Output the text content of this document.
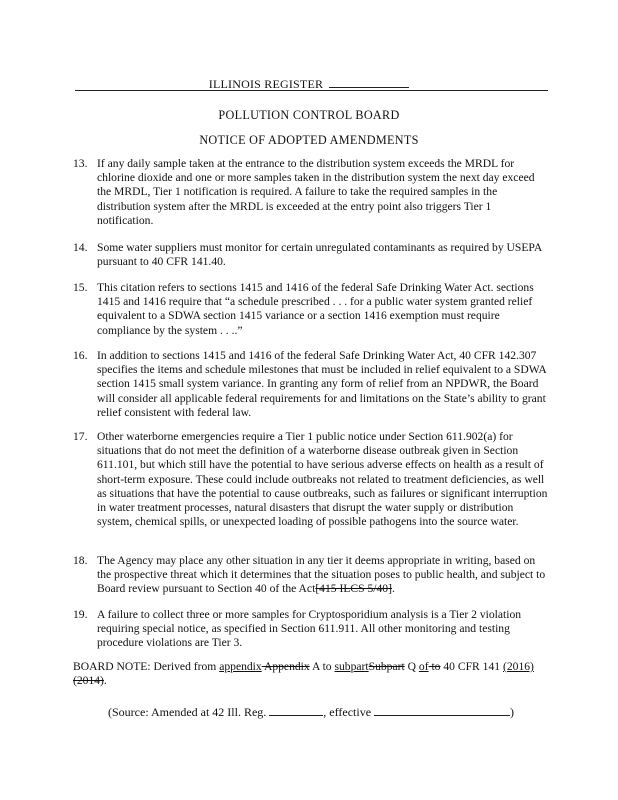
ILLINOIS REGISTER
POLLUTION CONTROL BOARD
NOTICE OF ADOPTED AMENDMENTS
13. If any daily sample taken at the entrance to the distribution system exceeds the MRDL for chlorine dioxide and one or more samples taken in the distribution system the next day exceed the MRDL, Tier 1 notification is required. A failure to take the required samples in the distribution system after the MRDL is exceeded at the entry point also triggers Tier 1 notification.
14. Some water suppliers must monitor for certain unregulated contaminants as required by USEPA pursuant to 40 CFR 141.40.
15. This citation refers to sections 1415 and 1416 of the federal Safe Drinking Water Act. sections 1415 and 1416 require that “a schedule prescribed . . . for a public water system granted relief equivalent to a SDWA section 1415 variance or a section 1416 exemption must require compliance by the system . . ..”
16. In addition to sections 1415 and 1416 of the federal Safe Drinking Water Act, 40 CFR 142.307 specifies the items and schedule milestones that must be included in relief equivalent to a SDWA section 1415 small system variance. In granting any form of relief from an NPDWR, the Board will consider all applicable federal requirements for and limitations on the State’s ability to grant relief consistent with federal law.
17. Other waterborne emergencies require a Tier 1 public notice under Section 611.902(a) for situations that do not meet the definition of a waterborne disease outbreak given in Section 611.101, but which still have the potential to have serious adverse effects on health as a result of short-term exposure. These could include outbreaks not related to treatment deficiencies, as well as situations that have the potential to cause outbreaks, such as failures or significant interruption in water treatment processes, natural disasters that disrupt the water supply or distribution system, chemical spills, or unexpected loading of possible pathogens into the source water.
18. The Agency may place any other situation in any tier it deems appropriate in writing, based on the prospective threat which it determines that the situation poses to public health, and subject to Board review pursuant to Section 40 of the Act[415 ILCS 5/40].
19. A failure to collect three or more samples for Cryptosporidium analysis is a Tier 2 violation requiring special notice, as specified in Section 611.911. All other monitoring and testing procedure violations are Tier 3.
BOARD NOTE: Derived from appendix Appendix A to subpartSubpart Q of to 40 CFR 141 (2016) (2014).
(Source: Amended at 42 Ill. Reg.	, effective	)
